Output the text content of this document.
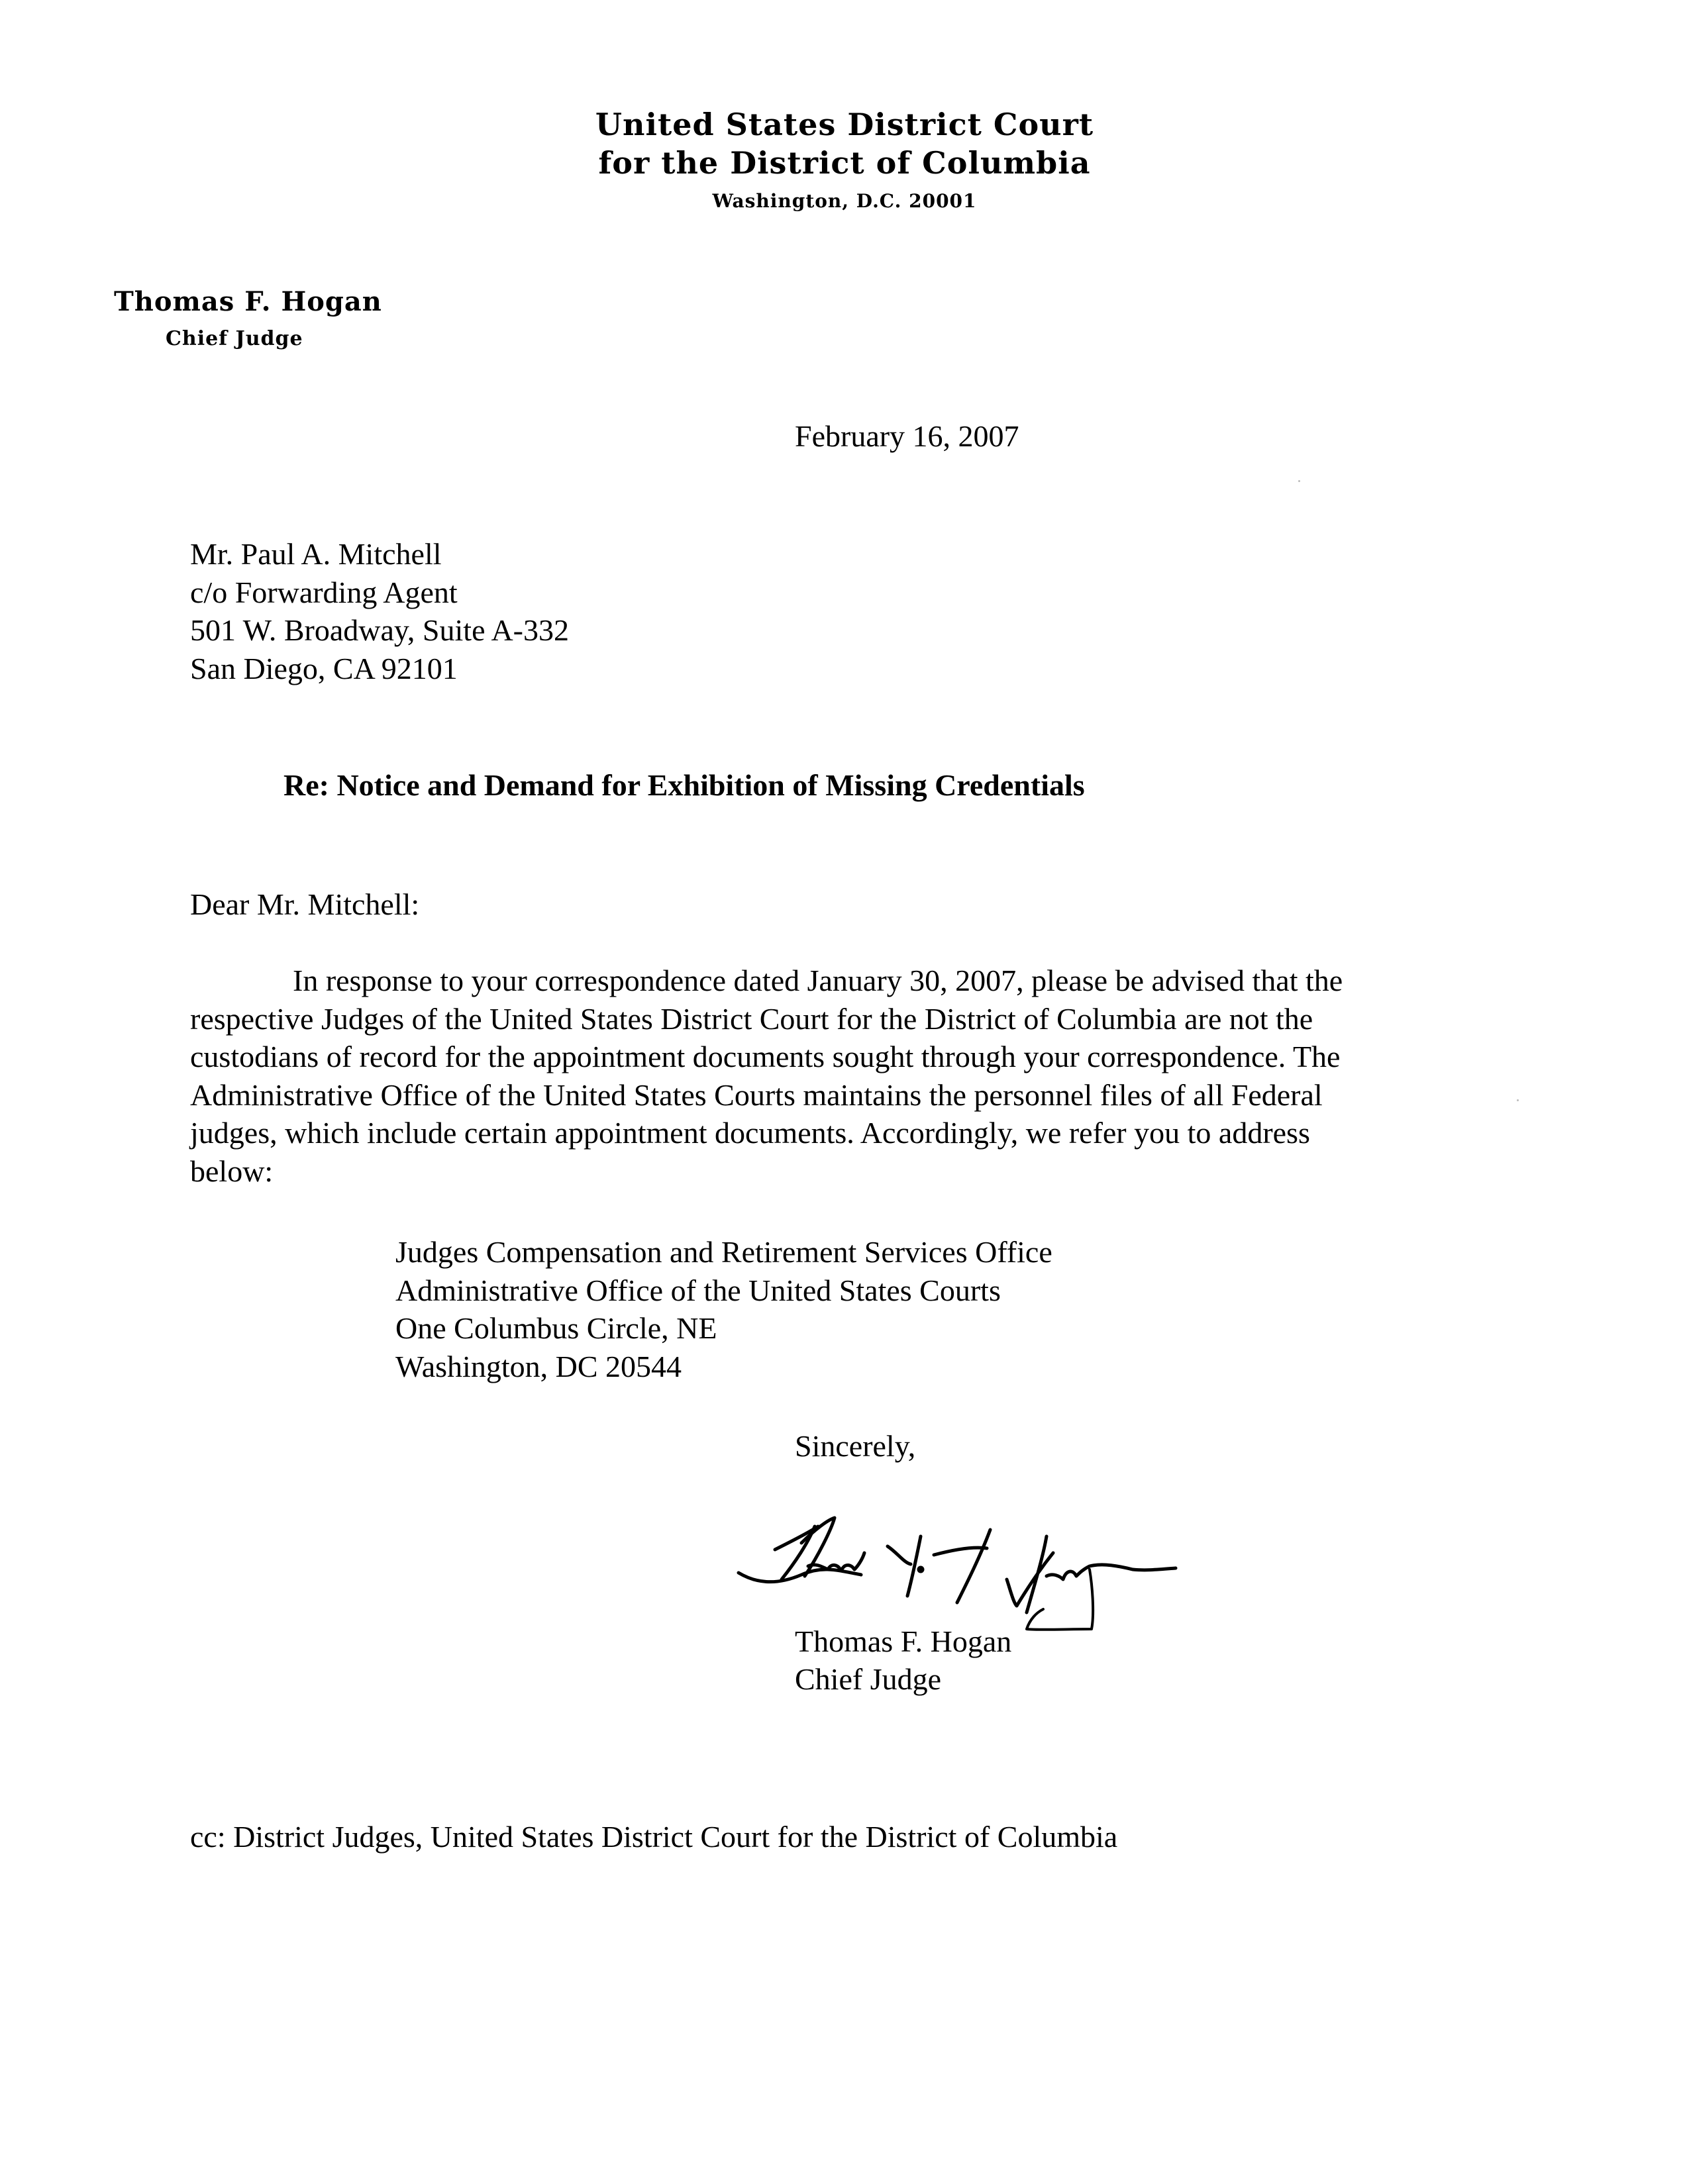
United States District Court
for the District of Columbia
Washington, D.C. 20001
Thomas F. Hogan
Chief Judge
February 16, 2007
Mr. Paul A. Mitchell
c/o Forwarding Agent
501 W. Broadway, Suite A-332
San Diego, CA 92101
Re: Notice and Demand for Exhibition of Missing Credentials
Dear Mr. Mitchell:
In response to your correspondence dated January 30, 2007, please be advised that the
respective Judges of the United States District Court for the District of Columbia are not the
custodians of record for the appointment documents sought through your correspondence. The
Administrative Office of the United States Courts maintains the personnel files of all Federal
judges, which include certain appointment documents. Accordingly, we refer you to address
below:
Judges Compensation and Retirement Services Office
Administrative Office of the United States Courts
One Columbus Circle, NE
Washington, DC 20544
Sincerely,
Thomas F. Hogan
Chief Judge
cc: District Judges, United States District Court for the District of Columbia
